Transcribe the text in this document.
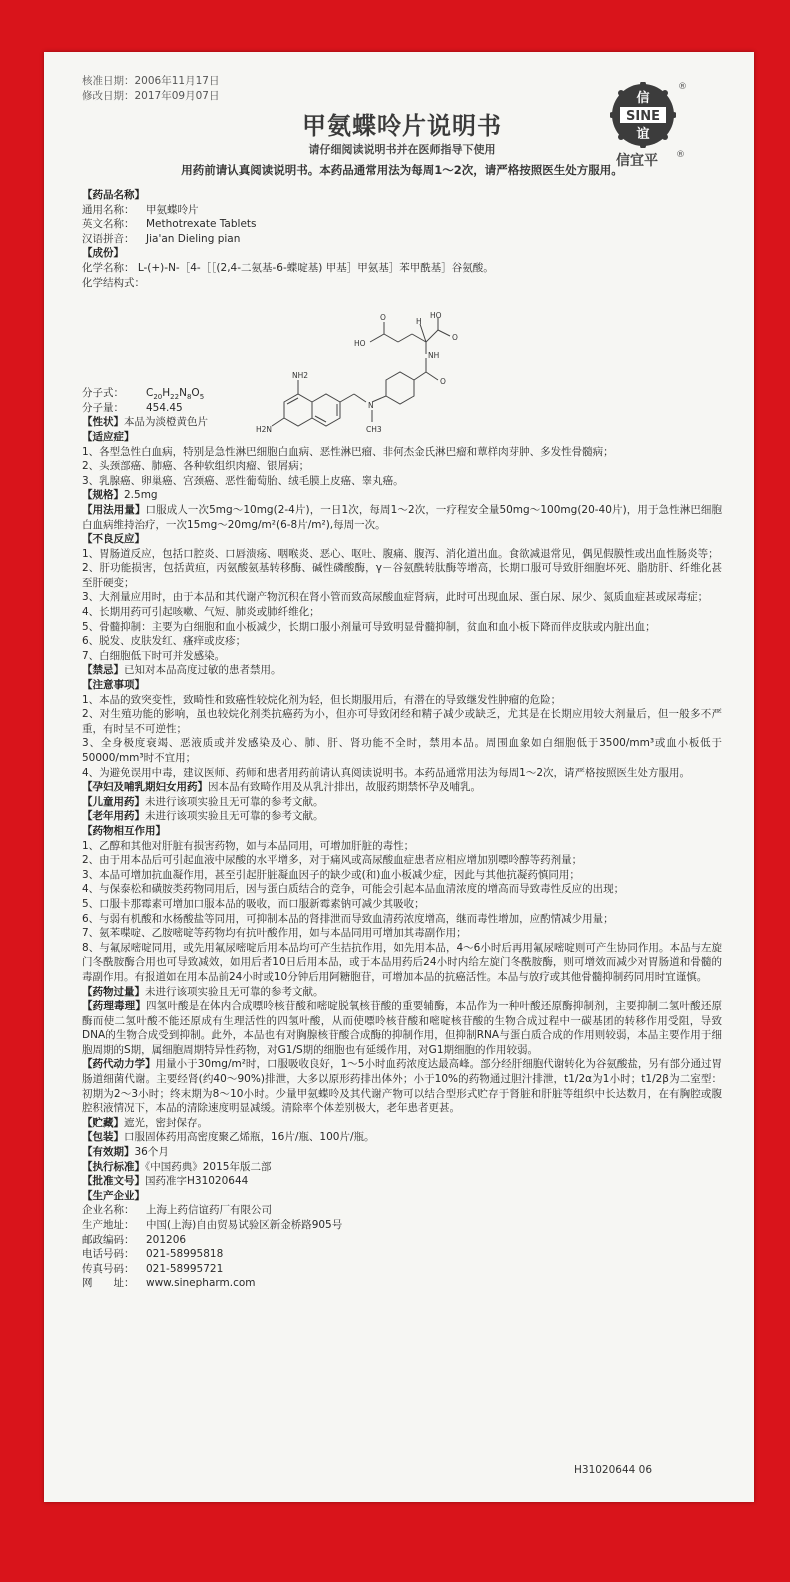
信
SINE
谊
®
信宜平 ®
NH2
H2N
N
CH3
HO
O
HO
O
NH
O
H
核准日期：2006年11月17日
修改日期：2017年09月07日
甲氨蝶呤片说明书
请仔细阅读说明书并在医师指导下使用
用药前请认真阅读说明书。本药品通常用法为每周1～2次，请严格按照医生处方服用。
【药品名称】
通用名称： 甲氨蝶呤片
英文名称： Methotrexate Tablets
汉语拼音： Jia'an Dieling pian
【成份】
化学名称： L-(+)-N-［4-［［(2,4-二氨基-6-蝶啶基) 甲基］甲氨基］苯甲酰基］谷氨酸。
化学结构式：
分子式： $C_{20}H_{22}N_8O_5$
分子量： 454.45
【性状】本品为淡橙黄色片
【适应症】
1、各型急性白血病，特别是急性淋巴细胞白血病、恶性淋巴瘤、非何杰金氏淋巴瘤和蕈样肉芽肿、多发性骨髓病；
2、头颈部癌、肺癌、各种软组织肉瘤、银屑病；
3、乳腺癌、卵巢癌、宫颈癌、恶性葡萄胎、绒毛膜上皮癌、睾丸癌。
【规格】2.5mg
【用法用量】口服成人一次5mg～10mg(2-4片)，一日1次，每周1～2次，一疗程安全量50mg～100mg(20-40片)，用于急性淋巴细胞白血病维持治疗，一次15mg～20mg/m²(6-8片/m²),每周一次。
【不良反应】
1、胃肠道反应，包括口腔炎、口唇溃疡、咽喉炎、恶心、呕吐、腹痛、腹泻、消化道出血。食欲减退常见，偶见假膜性或出血性肠炎等；
2、肝功能损害，包括黄疸，丙氨酸氨基转移酶、碱性磷酸酶，γ－谷氨酰转肽酶等增高，长期口服可导致肝细胞坏死、脂肪肝、纤维化甚至肝硬变；
3、大剂量应用时，由于本品和其代谢产物沉积在肾小管而致高尿酸血症肾病，此时可出现血尿、蛋白尿、尿少、氮质血症甚或尿毒症；
4、长期用药可引起咳嗽、气短、肺炎或肺纤维化；
5、骨髓抑制：主要为白细胞和血小板减少，长期口服小剂量可导致明显骨髓抑制，贫血和血小板下降而伴皮肤或内脏出血；
6、脱发、皮肤发红、瘙痒或皮疹；
7、白细胞低下时可并发感染。
【禁忌】已知对本品高度过敏的患者禁用。
【注意事项】
1、本品的致突变性，致畸性和致癌性较烷化剂为轻，但长期服用后，有潜在的导致继发性肿瘤的危险；
2、对生殖功能的影响，虽也较烷化剂类抗癌药为小，但亦可导致闭经和精子减少或缺乏，尤其是在长期应用较大剂量后，但一般多不严重，有时呈不可逆性；
3、全身极度衰竭、恶液质或并发感染及心、肺、肝、肾功能不全时，禁用本品。周围血象如白细胞低于3500/mm³或血小板低于50000/mm³时不宜用；
4、为避免误用中毒，建议医师、药师和患者用药前请认真阅读说明书。本药品通常用法为每周1～2次，请严格按照医生处方服用。
【孕妇及哺乳期妇女用药】因本品有致畸作用及从乳汁排出，故服药期禁怀孕及哺乳。
【儿童用药】未进行该项实验且无可靠的参考文献。
【老年用药】未进行该项实验且无可靠的参考文献。
【药物相互作用】
1、乙醇和其他对肝脏有损害药物，如与本品同用，可增加肝脏的毒性；
2、由于用本品后可引起血液中尿酸的水平增多，对于痛风或高尿酸血症患者应相应增加别嘌呤醇等药剂量；
3、本品可增加抗血凝作用，甚至引起肝脏凝血因子的缺少或(和)血小板减少症，因此与其他抗凝药慎同用；
4、与保泰松和磺胺类药物同用后，因与蛋白质结合的竞争，可能会引起本品血清浓度的增高而导致毒性反应的出现；
5、口服卡那霉素可增加口服本品的吸收，而口服新霉素钠可减少其吸收；
6、与弱有机酸和水杨酸盐等同用，可抑制本品的肾排泄而导致血清药浓度增高，继而毒性增加，应酌情减少用量；
7、氨苯喋啶、乙胺嘧啶等药物均有抗叶酸作用，如与本品同用可增加其毒副作用；
8、与氟尿嘧啶同用，或先用氟尿嘧啶后用本品均可产生拮抗作用，如先用本品，4～6小时后再用氟尿嘧啶则可产生协同作用。本品与左旋门冬酰胺酶合用也可导致减效，如用后者10日后用本品，或于本品用药后24小时内给左旋门冬酰胺酶，则可增效而减少对胃肠道和骨髓的毒副作用。有报道如在用本品前24小时或10分钟后用阿糖胞苷，可增加本品的抗癌活性。本品与放疗或其他骨髓抑制药同用时宜谨慎。
【药物过量】未进行该项实验且无可靠的参考文献。
【药理毒理】四氢叶酸是在体内合成嘌呤核苷酸和嘧啶脱氧核苷酸的重要辅酶，本品作为一种叶酸还原酶抑制剂，主要抑制二氢叶酸还原酶而使二氢叶酸不能还原成有生理活性的四氢叶酸，从而使嘌呤核苷酸和嘧啶核苷酸的生物合成过程中一碳基团的转移作用受阻，导致DNA的生物合成受到抑制。此外，本品也有对胸腺核苷酸合成酶的抑制作用，但抑制RNA与蛋白质合成的作用则较弱，本品主要作用于细胞周期的S期，属细胞周期特异性药物，对G1/S期的细胞也有延缓作用，对G1期细胞的作用较弱。
【药代动力学】用量小于30mg/m²时，口服吸收良好，1～5小时血药浓度达最高峰。部分经肝细胞代谢转化为谷氨酸盐，另有部分通过胃肠道细菌代谢。主要经肾(约40～90%)排泄，大多以原形药排出体外；小于10%的药物通过胆汁排泄，t1/2α为1小时；t1/2β为二室型：初期为2～3小时；终末期为8～10小时。少量甲氨蝶呤及其代谢产物可以结合型形式贮存于肾脏和肝脏等组织中长达数月，在有胸腔或腹腔积液情况下，本品的清除速度明显减缓。清除率个体差别极大，老年患者更甚。
【贮藏】遮光，密封保存。
【包装】口服固体药用高密度聚乙烯瓶，16片/瓶、100片/瓶。
【有效期】36个月
【执行标准】《中国药典》2015年版二部
【批准文号】国药准字H31020644
【生产企业】
企业名称： 上海上药信谊药厂有限公司
生产地址： 中国(上海)自由贸易试验区新金桥路905号
邮政编码： 201206
电话号码： 021-58995818
传真号码： 021-58995721
网　　址： www.sinepharm.com
H31020644 06
